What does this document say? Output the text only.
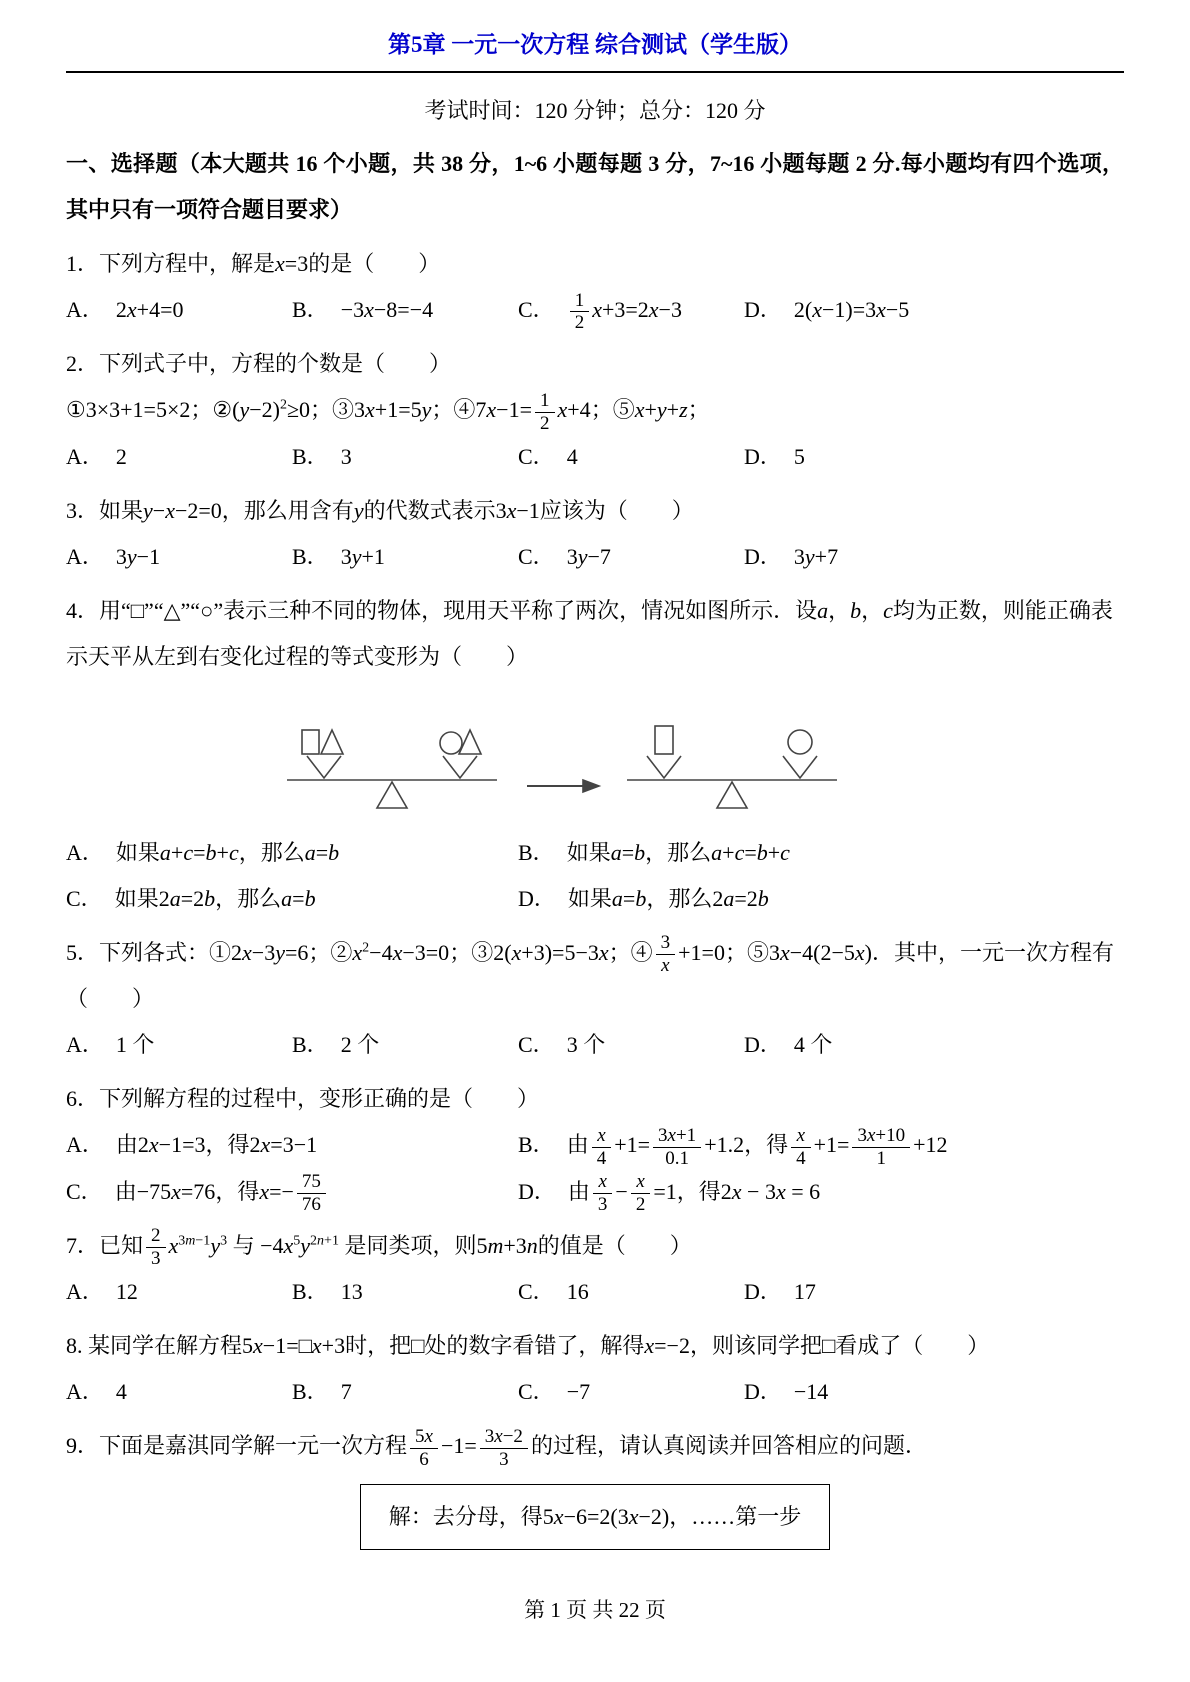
第5章 一元一次方程 综合测试（学生版）

考试时间：120 分钟；总分：120 分

一、选择题（本大题共 16 个小题，共 38 分，1~6 小题每题 3 分，7~16 小题每题 2 分.每小题均有四个选项，其中只有一项符合题目要求）

1．下列方程中，解是x=3的是（　　）

A． 2x+4=0	B． −3x−8=−4	C． $\frac{1}{2} x+3=2x-3$	D． 2(x−1)=3x−5

2．下列式子中，方程的个数是（　　）

①3×3+1=5×2；$②(y-2)^2\ge 0$；③3x+1=5y；④7x−1= $\frac{1}{2} x+4$；⑤x+y+z；

A． 2	B． 3	C． 4	D． 5

3．如果y−x−2=0，那么用含有y的代数式表示3x−1应该为（　　）

A． 3y−1	B． 3y+1	C． 3y−7	D． 3y+7

4．用“□”“△”“○”表示三种不同的物体，现用天平称了两次，情况如图所示．设a，b，c均为正数，则能正确表示天平从左到右变化过程的等式变形为（　　）

A． 如果a+c=b+c，那么a=b	B． 如果a=b，那么a+c=b+c
C． 如果2a=2b，那么a=b	D． 如果a=b，那么2a=2b

5．下列各式：①2x−3y=6；$②x^2-4x-3=0$；③2(x+3)=5−3x；④ $\frac{3}{x} +1=0$；⑤3x−4(2−5x)．其中，一元一次方程有（　　）

A． 1 个	B． 2 个	C． 3 个	D． 4 个

6．下列解方程的过程中，变形正确的是（　　）

A． 由2x−1=3，得2x=3−1	B． 由 $\frac{x}{4} +1= \frac{3x+1}{0.1} +1.2$，得 $\frac{x}{4} +1= \frac{3x+10}{1} +12$
C． 由−75x=76，得$x=- \frac{75}{76}$	D． 由 $\frac{x}{3} - \frac{x}{2} =1$，得2x − 3x = 6

7．已知 $\frac{2}{3} x^{3m-1}y^3$ 与 $-4x^5y^{2n+1}$ 是同类项，则5m+3n的值是（　　）

A． 12	B． 13	C． 16	D． 17

8. 某同学在解方程5x−1=□x+3时，把□处的数字看错了，解得x=−2，则该同学把□看成了（　　）

A． 4	B． 7	C． −7	D． −14

9．下面是嘉淇同学解一元一次方程 $\frac{5x}{6} -1= \frac{3x-2}{3}$ 的过程，请认真阅读并回答相应的问题．

解：去分母，得5x−6=2(3x−2)，……第一步
第 1 页 共 22 页
